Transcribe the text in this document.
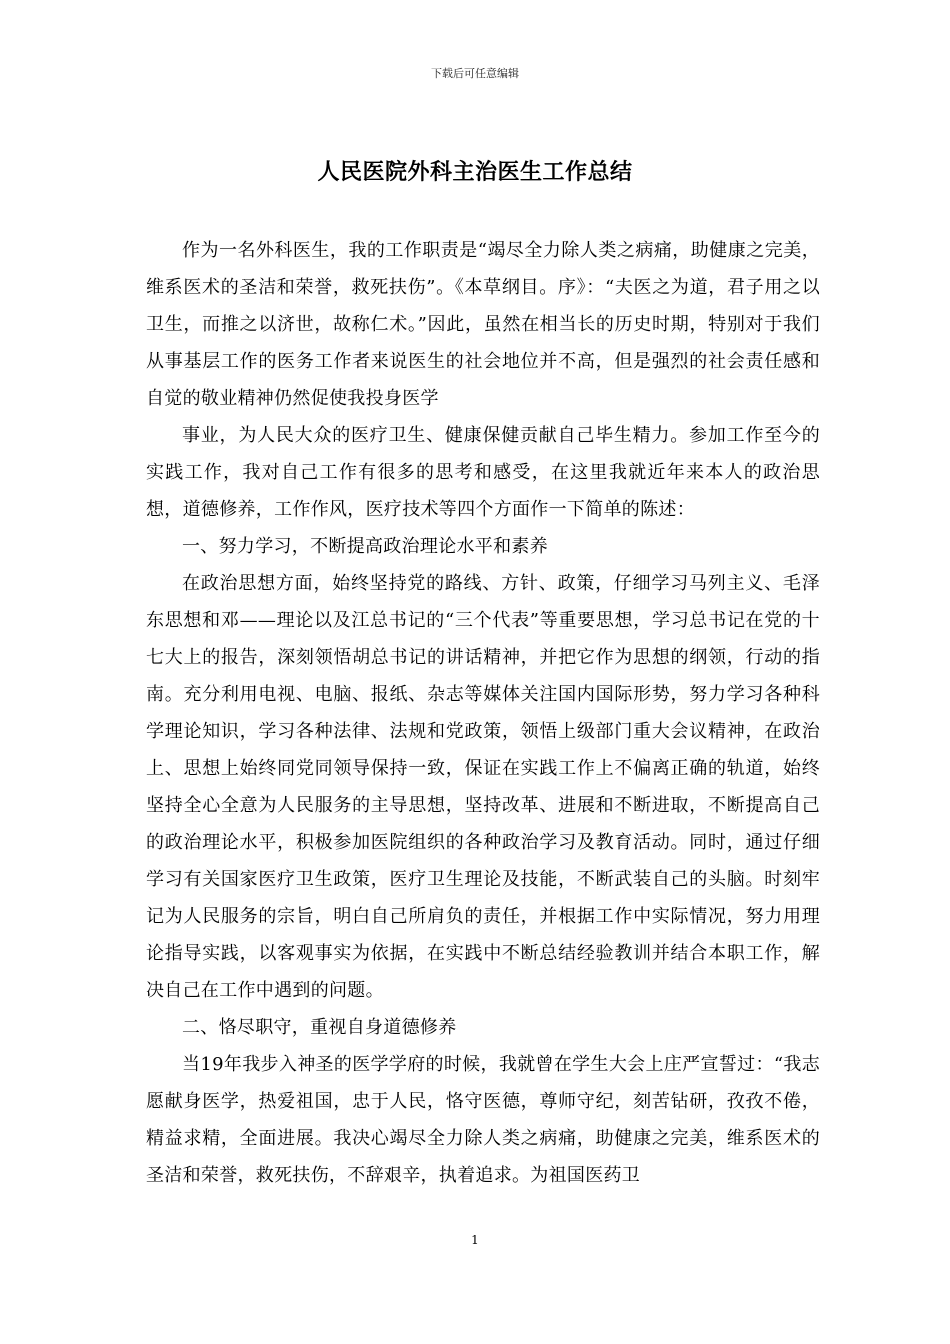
下载后可任意编辑
人民医院外科主治医生工作总结

作为一名外科医生，我的工作职责是“竭尽全力除人类之病痛，助健康之完美，维系医术的圣洁和荣誉，救死扶伤”。《本草纲目。序》：“夫医之为道，君子用之以卫生，而推之以济世，故称仁术。”因此，虽然在相当长的历史时期，特别对于我们从事基层工作的医务工作者来说医生的社会地位并不高，但是强烈的社会责任感和自觉的敬业精神仍然促使我投身医学

事业，为人民大众的医疗卫生、健康保健贡献自己毕生精力。参加工作至今的实践工作，我对自己工作有很多的思考和感受，在这里我就近年来本人的政治思想，道德修养，工作作风，医疗技术等四个方面作一下简单的陈述：

一、努力学习，不断提高政治理论水平和素养

在政治思想方面，始终坚持党的路线、方针、政策，仔细学习马列主义、毛泽东思想和邓——理论以及江总书记的“三个代表”等重要思想，学习总书记在党的十七大上的报告，深刻领悟胡总书记的讲话精神，并把它作为思想的纲领，行动的指南。充分利用电视、电脑、报纸、杂志等媒体关注国内国际形势，努力学习各种科学理论知识，学习各种法律、法规和党政策，领悟上级部门重大会议精神，在政治上、思想上始终同党同领导保持一致，保证在实践工作上不偏离正确的轨道，始终坚持全心全意为人民服务的主导思想，坚持改革、进展和不断进取，不断提高自己的政治理论水平，积极参加医院组织的各种政治学习及教育活动。同时，通过仔细学习有关国家医疗卫生政策，医疗卫生理论及技能，不断武装自己的头脑。时刻牢记为人民服务的宗旨，明白自己所肩负的责任，并根据工作中实际情况，努力用理论指导实践，以客观事实为依据，在实践中不断总结经验教训并结合本职工作，解决自己在工作中遇到的问题。

二、恪尽职守，重视自身道德修养

当19年我步入神圣的医学学府的时候，我就曾在学生大会上庄严宣誓过：“我志愿献身医学，热爱祖国，忠于人民，恪守医德，尊师守纪，刻苦钻研，孜孜不倦，精益求精，全面进展。我决心竭尽全力除人类之病痛，助健康之完美，维系医术的圣洁和荣誉，救死扶伤，不辞艰辛，执着追求。为祖国医药卫

1
